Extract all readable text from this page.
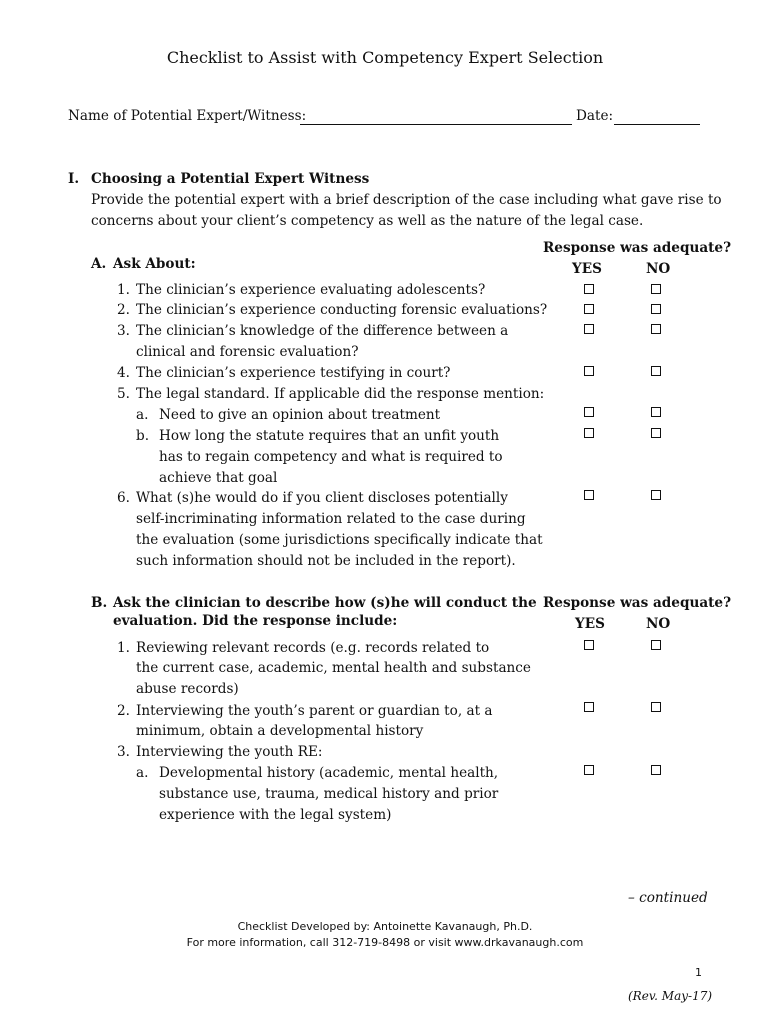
Checklist to Assist with Competency Expert Selection
Name of Potential Expert/Witness:	Date:
I. Choosing a Potential Expert Witness
Provide the potential expert with a brief description of the case including what gave rise to
concerns about your client’s competency as well as the nature of the legal case.
Response was adequate?
YES	NO
A. Ask About:
1. The clinician’s experience evaluating adolescents?
2. The clinician’s experience conducting forensic evaluations?
3. The clinician’s knowledge of the difference between a
clinical and forensic evaluation?
4. The clinician’s experience testifying in court?
5. The legal standard. If applicable did the response mention:
a. Need to give an opinion about treatment
b. How long the statute requires that an unfit youth
has to regain competency and what is required to
achieve that goal
6. What (s)he would do if you client discloses potentially
self-incriminating information related to the case during
the evaluation (some jurisdictions specifically indicate that
such information should not be included in the report).
B. Ask the clinician to describe how (s)he will conduct the
evaluation. Did the response include:
Response was adequate?
YES	NO
1. Reviewing relevant records (e.g. records related to
the current case, academic, mental health and substance
abuse records)
2. Interviewing the youth’s parent or guardian to, at a
minimum, obtain a developmental history
3. Interviewing the youth RE:
a. Developmental history (academic, mental health,
substance use, trauma, medical history and prior
experience with the legal system)
– continued
Checklist Developed by: Antoinette Kavanaugh, Ph.D.
For more information, call 312-719-8498 or visit www.drkavanaugh.com
1
(Rev. May-17)
